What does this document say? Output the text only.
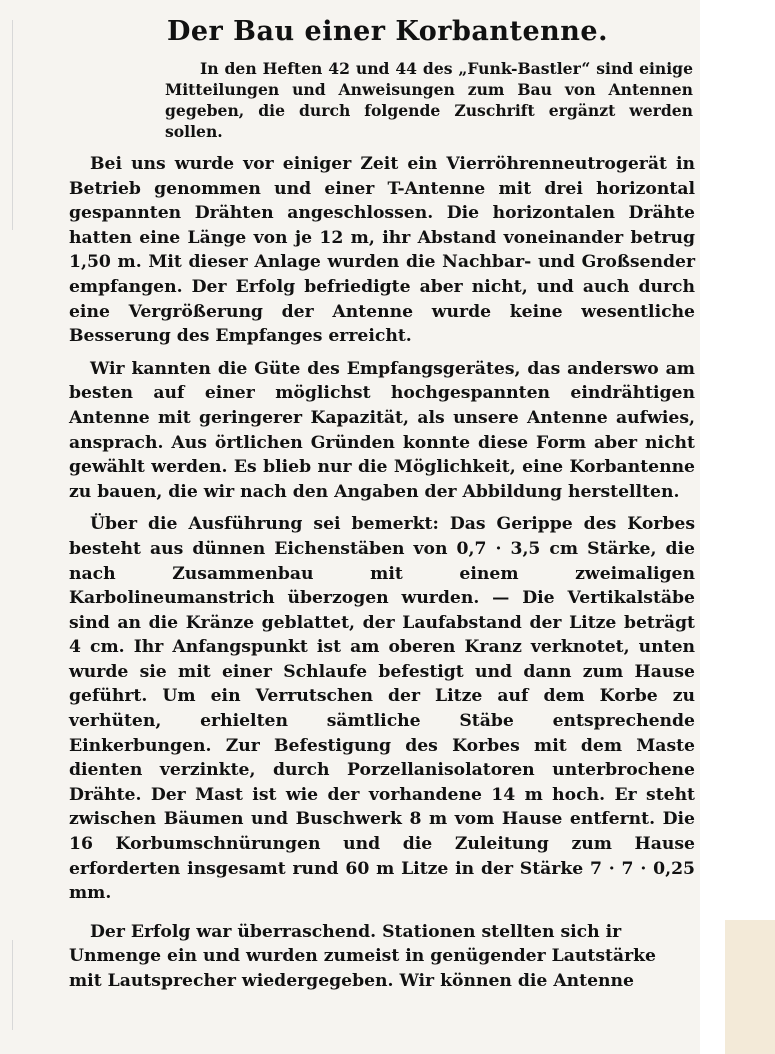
Der Bau einer Korbantenne.

In den Heften 42 und 44 des „Funk-Bastler“ sind einige Mitteilungen und Anweisungen zum Bau von Antennen gegeben, die durch folgende Zuschrift ergänzt werden sollen.

Bei uns wurde vor einiger Zeit ein Vierröhrenneutrogerät in Betrieb genommen und einer T-Antenne mit drei horizontal gespannten Drähten angeschlossen. Die horizontalen Drähte hatten eine Länge von je 12 m, ihr Abstand voneinander betrug 1,50 m. Mit dieser Anlage wurden die Nachbar- und Großsender empfangen. Der Erfolg befriedigte aber nicht, und auch durch eine Vergrößerung der Antenne wurde keine wesentliche Besserung des Empfanges erreicht.

Wir kannten die Güte des Empfangsgerätes, das anderswo am besten auf einer möglichst hochgespannten eindrähtigen Antenne mit geringerer Kapazität, als unsere Antenne aufwies, ansprach. Aus örtlichen Gründen konnte diese Form aber nicht gewählt werden. Es blieb nur die Möglichkeit, eine Korbantenne zu bauen, die wir nach den Angaben der Abbildung herstellten.

Über die Ausführung sei bemerkt: Das Gerippe des Korbes besteht aus dünnen Eichenstäben von 0,7 · 3,5 cm Stärke, die nach Zusammenbau mit einem zweimaligen Karbolineumanstrich überzogen wurden. — Die Vertikalstäbe sind an die Kränze geblattet, der Laufabstand der Litze beträgt 4 cm. Ihr Anfangspunkt ist am oberen Kranz verknotet, unten wurde sie mit einer Schlaufe befestigt und dann zum Hause geführt. Um ein Verrutschen der Litze auf dem Korbe zu verhüten, erhielten sämtliche Stäbe entsprechende Einkerbungen. Zur Befestigung des Korbes mit dem Maste dienten verzinkte, durch Porzellanisolatoren unterbrochene Drähte. Der Mast ist wie der vorhandene 14 m hoch. Er steht zwischen Bäumen und Buschwerk 8 m vom Hause entfernt. Die 16 Korbumschnürungen und die Zuleitung zum Hause erforderten insgesamt rund 60 m Litze in der Stärke 7 · 7 · 0,25 mm.

Der Erfolg war überraschend. Stationen stellten sich ir
Unmenge ein und wurden zumeist in genügender Lautstärke
mit Lautsprecher wiedergegeben. Wir können die Antenne
